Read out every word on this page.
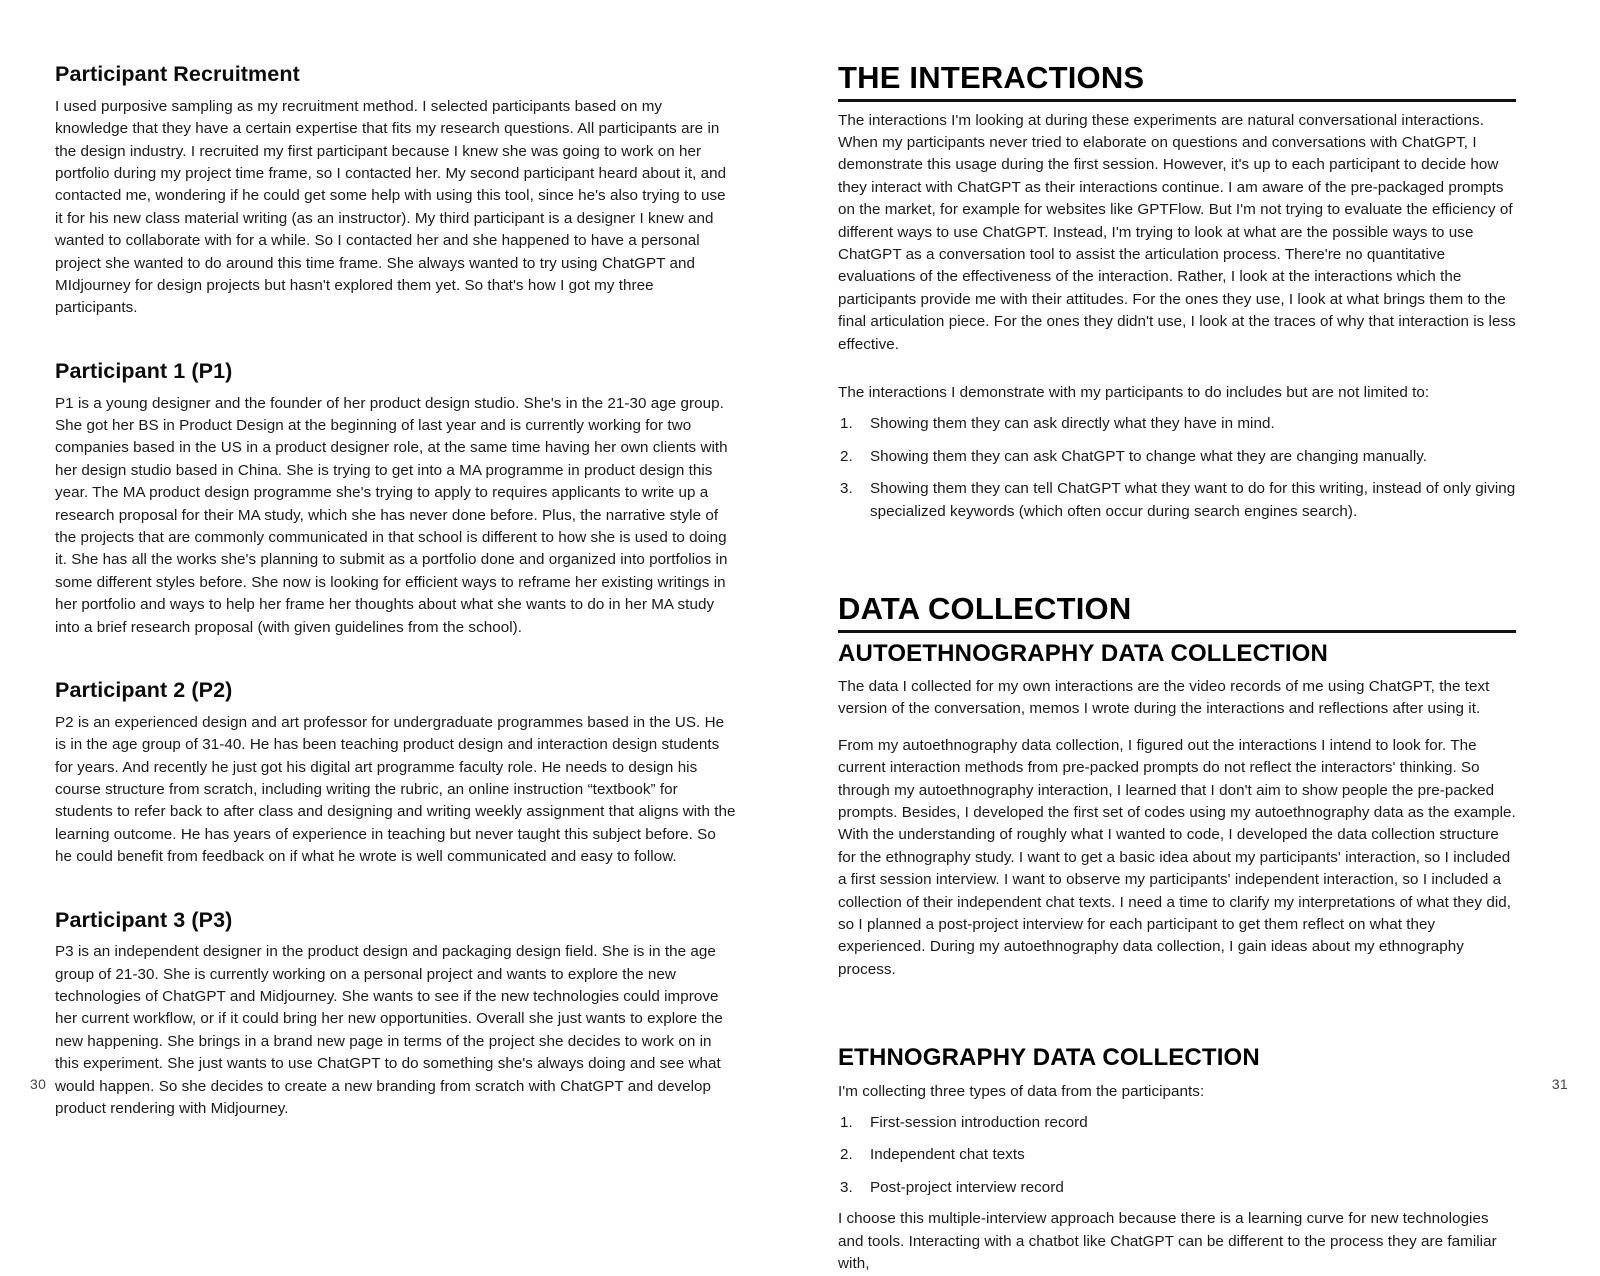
Participant Recruitment

I used purposive sampling as my recruitment method. I selected participants based on my knowledge that they have a certain expertise that fits my research questions. All participants are in the design industry. I recruited my first participant because I knew she was going to work on her portfolio during my project time frame, so I contacted her. My second participant heard about it, and contacted me, wondering if he could get some help with using this tool, since he's also trying to use it for his new class material writing (as an instructor). My third participant is a designer I knew and wanted to collaborate with for a while. So I contacted her and she happened to have a personal project she wanted to do around this time frame. She always wanted to try using ChatGPT and MIdjourney for design projects but hasn't explored them yet. So that's how I got my three participants.

Participant 1 (P1)

P1 is a young designer and the founder of her product design studio. She's in the 21-30 age group. She got her BS in Product Design at the beginning of last year and is currently working for two companies based in the US in a product designer role, at the same time having her own clients with her design studio based in China. She is trying to get into a MA programme in product design this year. The MA product design programme she's trying to apply to requires applicants to write up a research proposal for their MA study, which she has never done before. Plus, the narrative style of the projects that are commonly communicated in that school is different to how she is used to doing it. She has all the works she's planning to submit as a portfolio done and organized into portfolios in some different styles before. She now is looking for efficient ways to reframe her existing writings in her portfolio and ways to help her frame her thoughts about what she wants to do in her MA study into a brief research proposal (with given guidelines from the school).

Participant 2 (P2)

P2 is an experienced design and art professor for undergraduate programmes based in the US. He is in the age group of 31-40. He has been teaching product design and interaction design students for years. And recently he just got his digital art programme faculty role. He needs to design his course structure from scratch, including writing the rubric, an online instruction “textbook” for students to refer back to after class and designing and writing weekly assignment that aligns with the learning outcome. He has years of experience in teaching but never taught this subject before. So he could benefit from feedback on if what he wrote is well communicated and easy to follow.

Participant 3 (P3)

P3 is an independent designer in the product design and packaging design field. She is in the age group of 21-30. She is currently working on a personal project and wants to explore the new technologies of ChatGPT and Midjourney. She wants to see if the new technologies could improve her current workflow, or if it could bring her new opportunities. Overall she just wants to explore the new happening. She brings in a brand new page in terms of the project she decides to work on in this experiment. She just wants to use ChatGPT to do something she's always doing and see what would happen. So she decides to create a new branding from scratch with ChatGPT and develop product rendering with Midjourney.

30
THE INTERACTIONS

The interactions I'm looking at during these experiments are natural conversational interactions. When my participants never tried to elaborate on questions and conversations with ChatGPT, I demonstrate this usage during the first session. However, it's up to each participant to decide how they interact with ChatGPT as their interactions continue. I am aware of the pre-packaged prompts on the market, for example for websites like GPTFlow. But I'm not trying to evaluate the efficiency of different ways to use ChatGPT. Instead, I'm trying to look at what are the possible ways to use ChatGPT as a conversation tool to assist the articulation process. There're no quantitative evaluations of the effectiveness of the interaction. Rather, I look at the interactions which the participants provide me with their attitudes. For the ones they use, I look at what brings them to the final articulation piece. For the ones they didn't use, I look at the traces of why that interaction is less effective.

The interactions I demonstrate with my participants to do includes but are not limited to:

1.	Showing them they can ask directly what they have in mind.
2.	Showing them they can ask ChatGPT to change what they are changing manually.
3.	Showing them they can tell ChatGPT what they want to do for this writing, instead of only giving specialized keywords (which often occur during search engines search).
DATA COLLECTION
AUTOETHNOGRAPHY DATA COLLECTION

The data I collected for my own interactions are the video records of me using ChatGPT, the text version of the conversation, memos I wrote during the interactions and reflections after using it.

From my autoethnography data collection, I figured out the interactions I intend to look for. The current interaction methods from pre-packed prompts do not reflect the interactors' thinking. So through my autoethnography interaction, I learned that I don't aim to show people the pre-packed prompts. Besides, I developed the first set of codes using my autoethnography data as the example. With the understanding of roughly what I wanted to code, I developed the data collection structure for the ethnography study. I want to get a basic idea about my participants' interaction, so I included a first session interview. I want to observe my participants' independent interaction, so I included a collection of their independent chat texts. I need a time to clarify my interpretations of what they did, so I planned a post-project interview for each participant to get them reflect on what they experienced. During my autoethnography data collection, I gain ideas about my ethnography process.

ETHNOGRAPHY DATA COLLECTION

I'm collecting three types of data from the participants:

1.	First-session introduction record
2.	Independent chat texts
3.	Post-project interview record

I choose this multiple-interview approach because there is a learning curve for new technologies and tools. Interacting with a chatbot like ChatGPT can be different to the process they are familiar with,

31
